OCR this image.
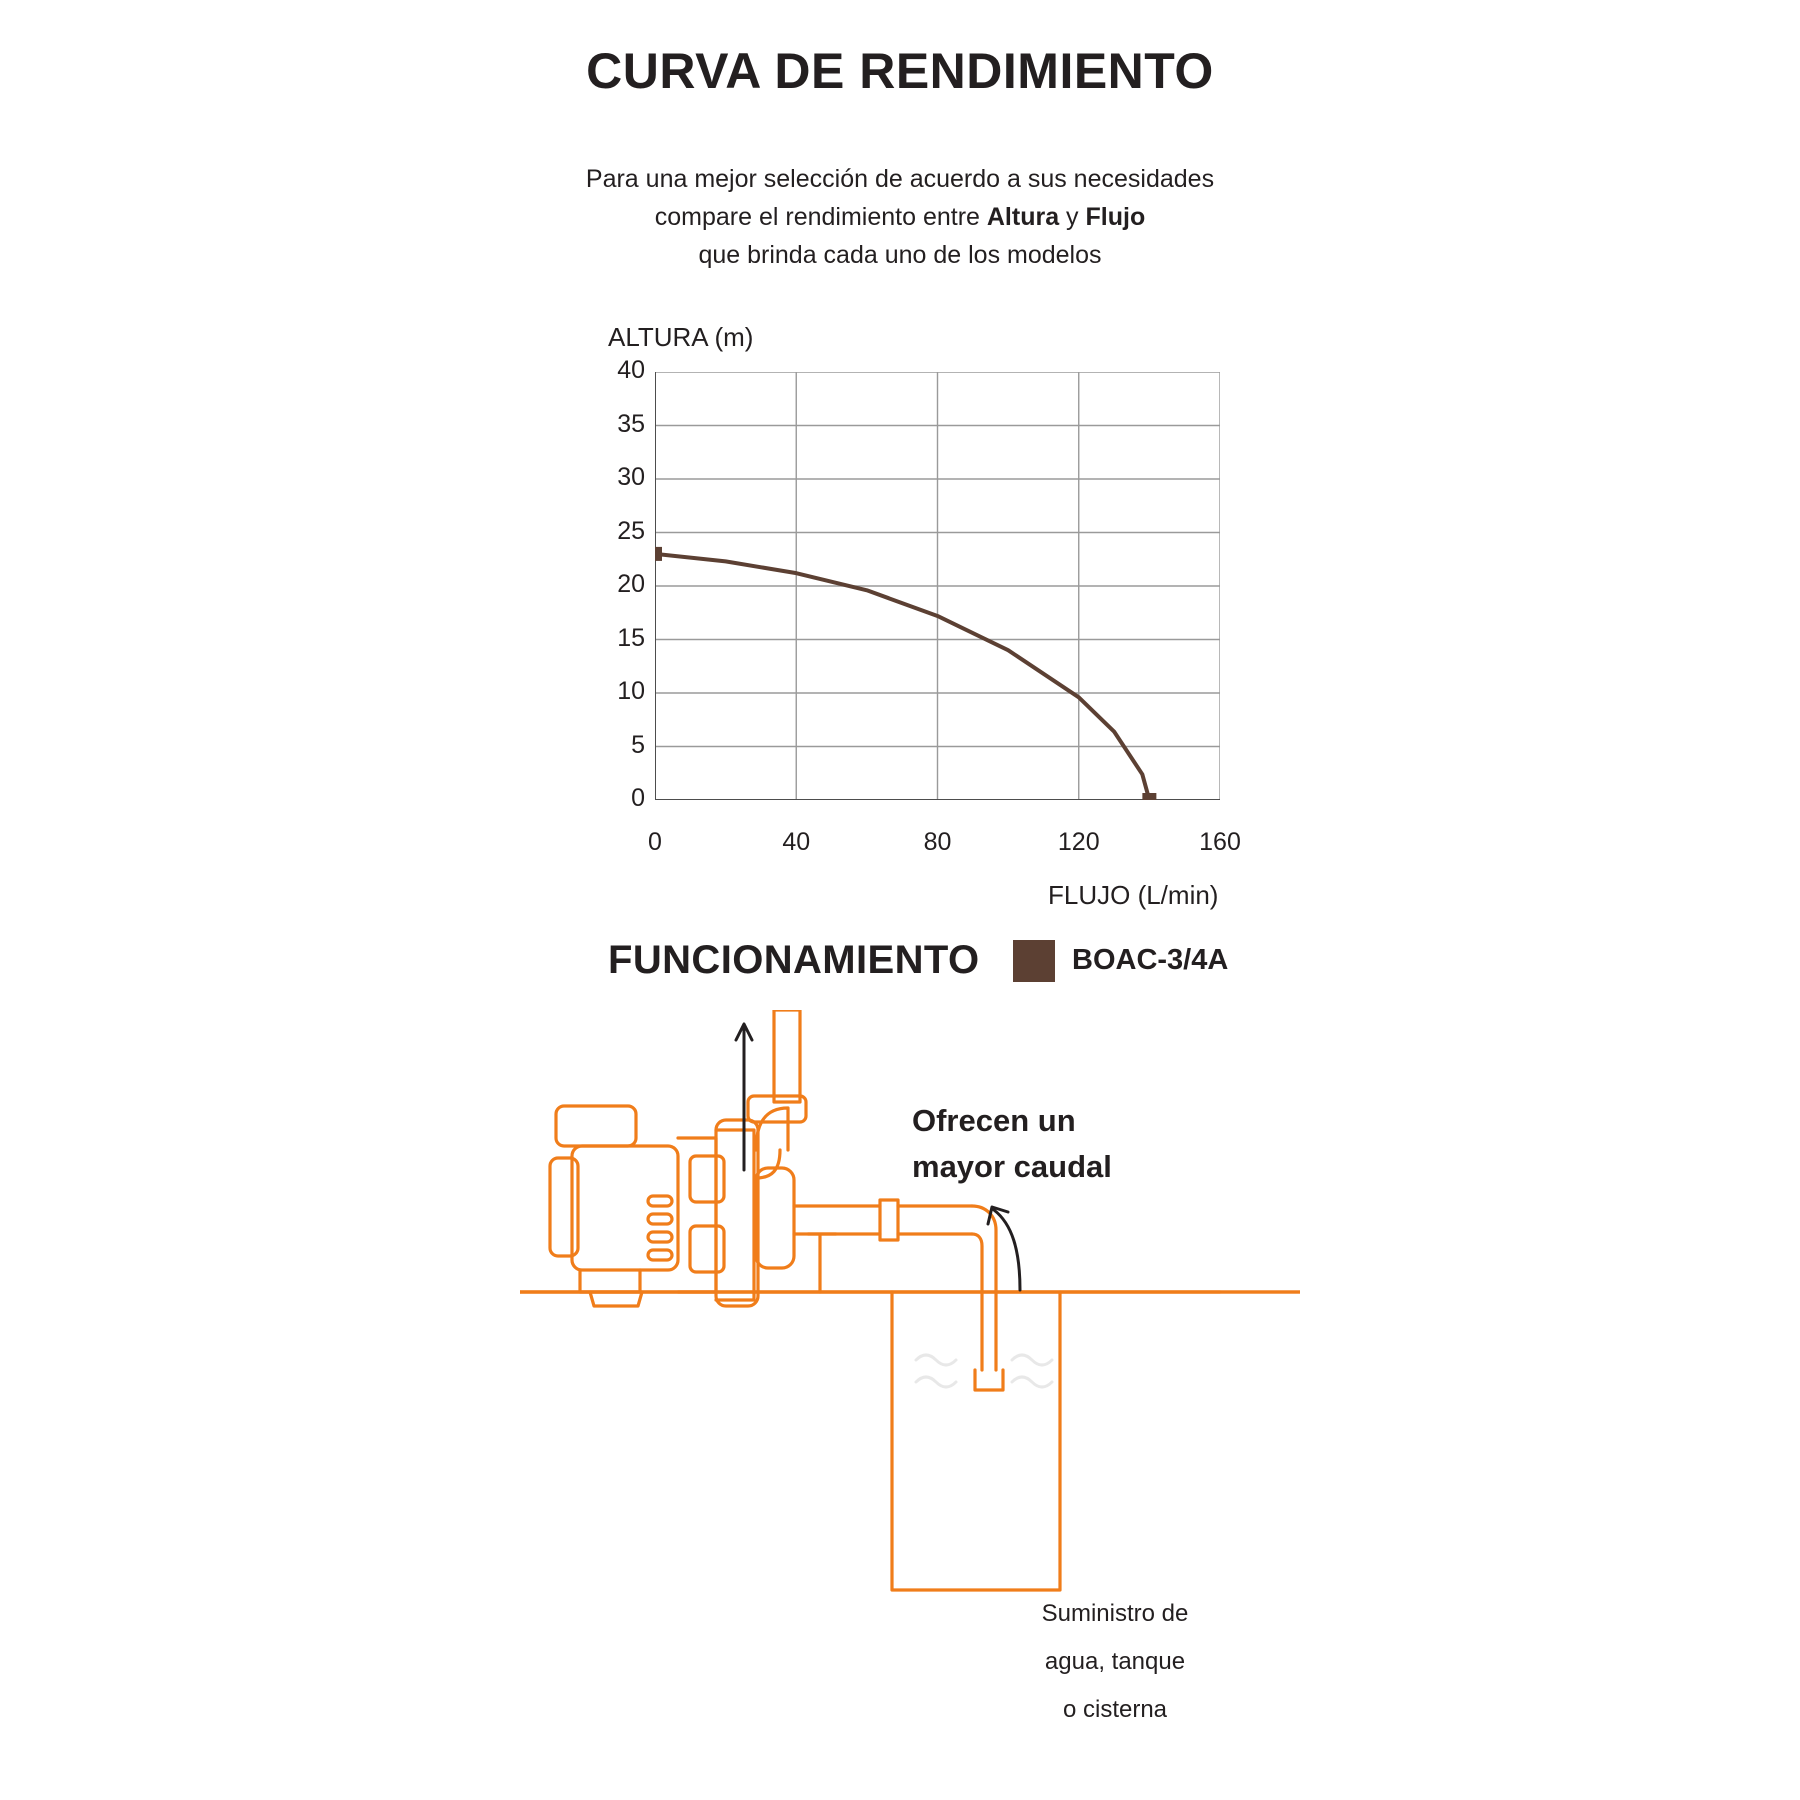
CURVA DE RENDIMIENTO
Para una mejor selección de acuerdo a sus necesidades
compare el rendimiento entre Altura y Flujo
que brinda cada uno de los modelos
ALTURA (m)
FLUJO (L/min)
0
5
10
15
20
25
30
35
40
0	40	80	120	160
FUNCIONAMIENTO	BOAC-3/4A
Ofrecen un
mayor caudal
Suministro de
agua, tanque
o cisterna
